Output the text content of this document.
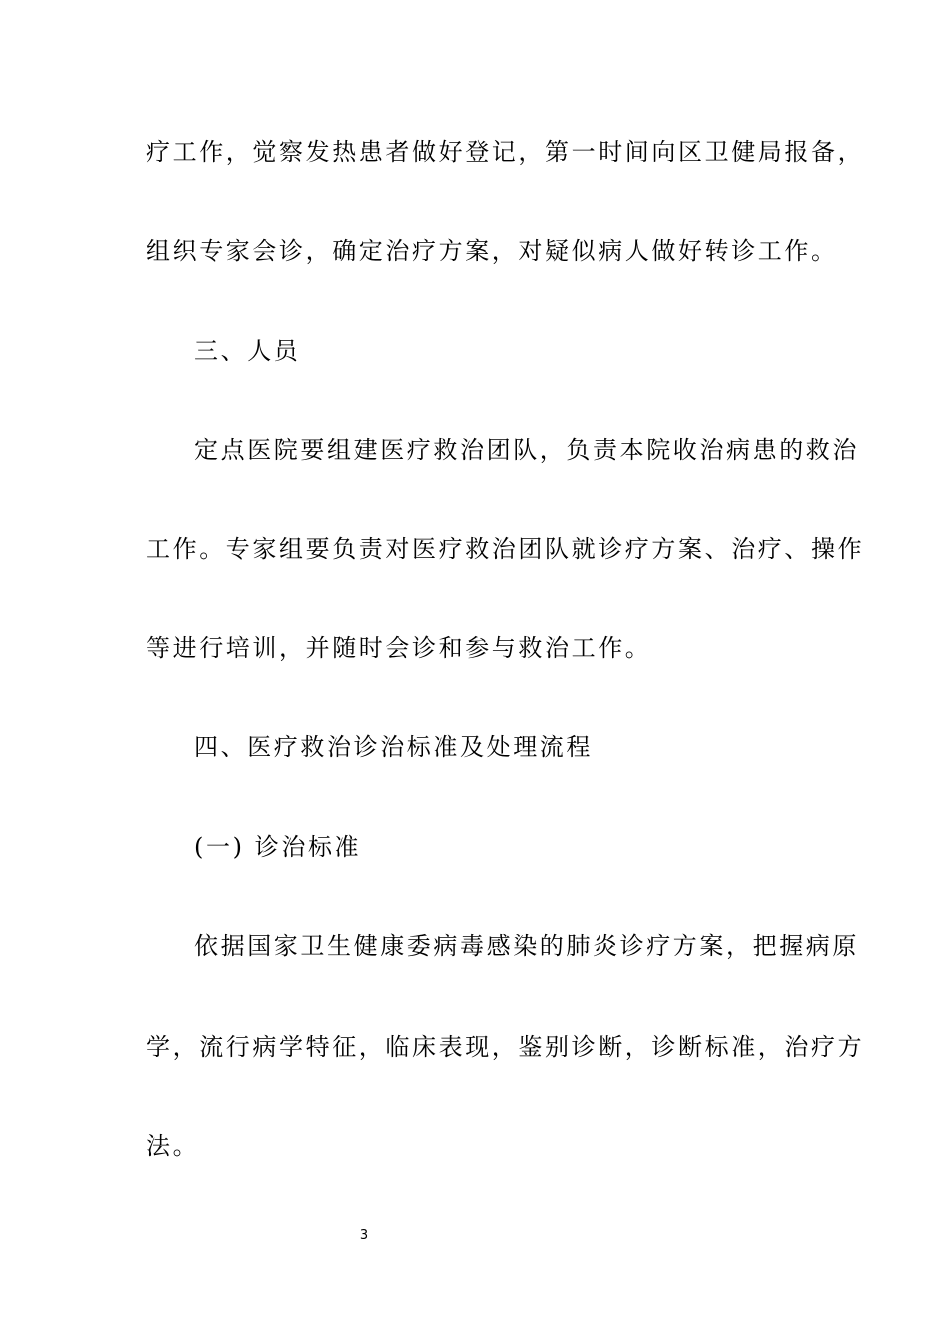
疗工作，觉察发热患者做好登记，第一时间向区卫健局报备，
组织专家会诊，确定治疗方案，对疑似病人做好转诊工作。
三、人员
定点医院要组建医疗救治团队，负责本院收治病患的救治
工作。专家组要负责对医疗救治团队就诊疗方案、治疗、操作
等进行培训，并随时会诊和参与救治工作。
四、医疗救治诊治标准及处理流程
(一) 诊治标准
依据国家卫生健康委病毒感染的肺炎诊疗方案，把握病原
学，流行病学特征，临床表现，鉴别诊断，诊断标准，治疗方
法。
3
